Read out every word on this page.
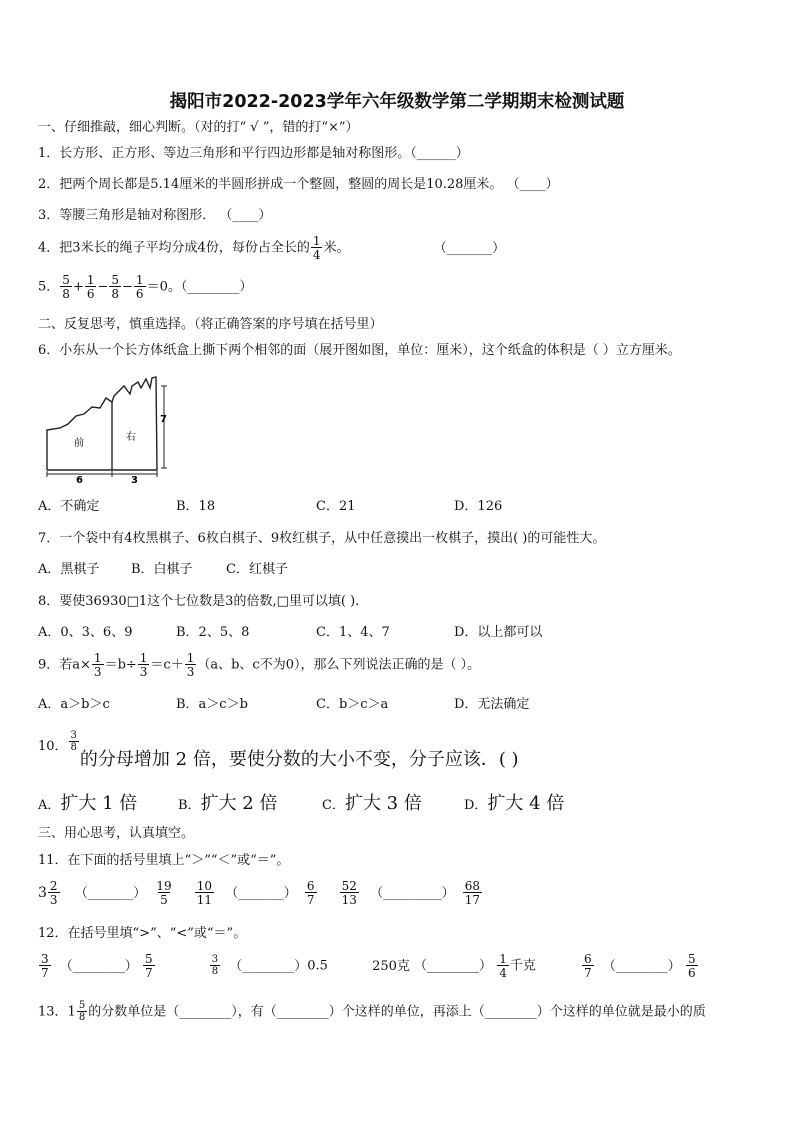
揭阳市2022-2023学年六年级数学第二学期期末检测试题
一、仔细推敲，细心判断。（对的打“ √ ”，错的打“×”）
1．长方形、正方形、等边三角形和平行四边形都是轴对称图形。（______）
2．把两个周长都是5.14厘米的半圆形拼成一个整圆，整圆的周长是10.28厘米。 （____）
3．等腰三角形是轴对称图形． （____）
4．把3米长的绳子平均分成4份，每份占全长的 $\frac{1}{4}$ 米。	（_______）
5． $\frac{5}{8} + \frac{1}{6} - \frac{5}{8} - \frac{1}{6} =0$。（________）
二、反复思考，慎重选择。（将正确答案的序号填在括号里）
6．小东从一个长方体纸盒上撕下两个相邻的面（展开图如图，单位：厘米），这个纸盒的体积是（ ）立方厘米。
前
右
7
6	3
A．不确定	B．18	C．21	D．126
7．一个袋中有4枚黑棋子、6枚白棋子、9枚红棋子，从中任意摸出一枚棋子，摸出( )的可能性大。
A．黑棋子 B．白棋子	C．红棋子
8．要使36930□1这个七位数是3的倍数,□里可以填( ).
A．0、3、6、9	B．2、5、8	C．1、4、7	D．以上都可以
9．若$a\times \frac{1}{3} =b\div \frac{1}{3} =c+ \frac{1}{3} (a$、b、c不为0），那么下列说法正确的是（ ）。
A．a＞b＞c	B．a＞c＞b	C．b＞c＞a	D．无法确定
10． $\frac{3}{8}$
的分母增加 2 倍，要使分数的大小不变，分子应该．( )
A．扩大 1 倍	B．扩大 2 倍	C．扩大 3 倍	D．扩大 4 倍
三、用心思考，认真填空。
11．在下面的括号里填上“＞”“＜”或“＝”。
$3 \frac{2}{3}$ （_______） $\frac{19}{5}$
$\frac{10}{11}$ （_______） $\frac{6}{7}$
$\frac{52}{13}$ （_________） $\frac{68}{17}$
12．在括号里填“>”、“<”或“＝”。
$\frac{3}{7}$ （________） $\frac{5}{7}$
	$\frac{3}{8}$ （________）0.5	250克 （________） $\frac{1}{4}$ 千克	$\frac{6}{7}$ （________） $\frac{5}{6}$
13．$1 \frac{5}{8}$ 的分数单位是（________），有（________）个这样的单位，再添上（________）个这样的单位就是最小的质
